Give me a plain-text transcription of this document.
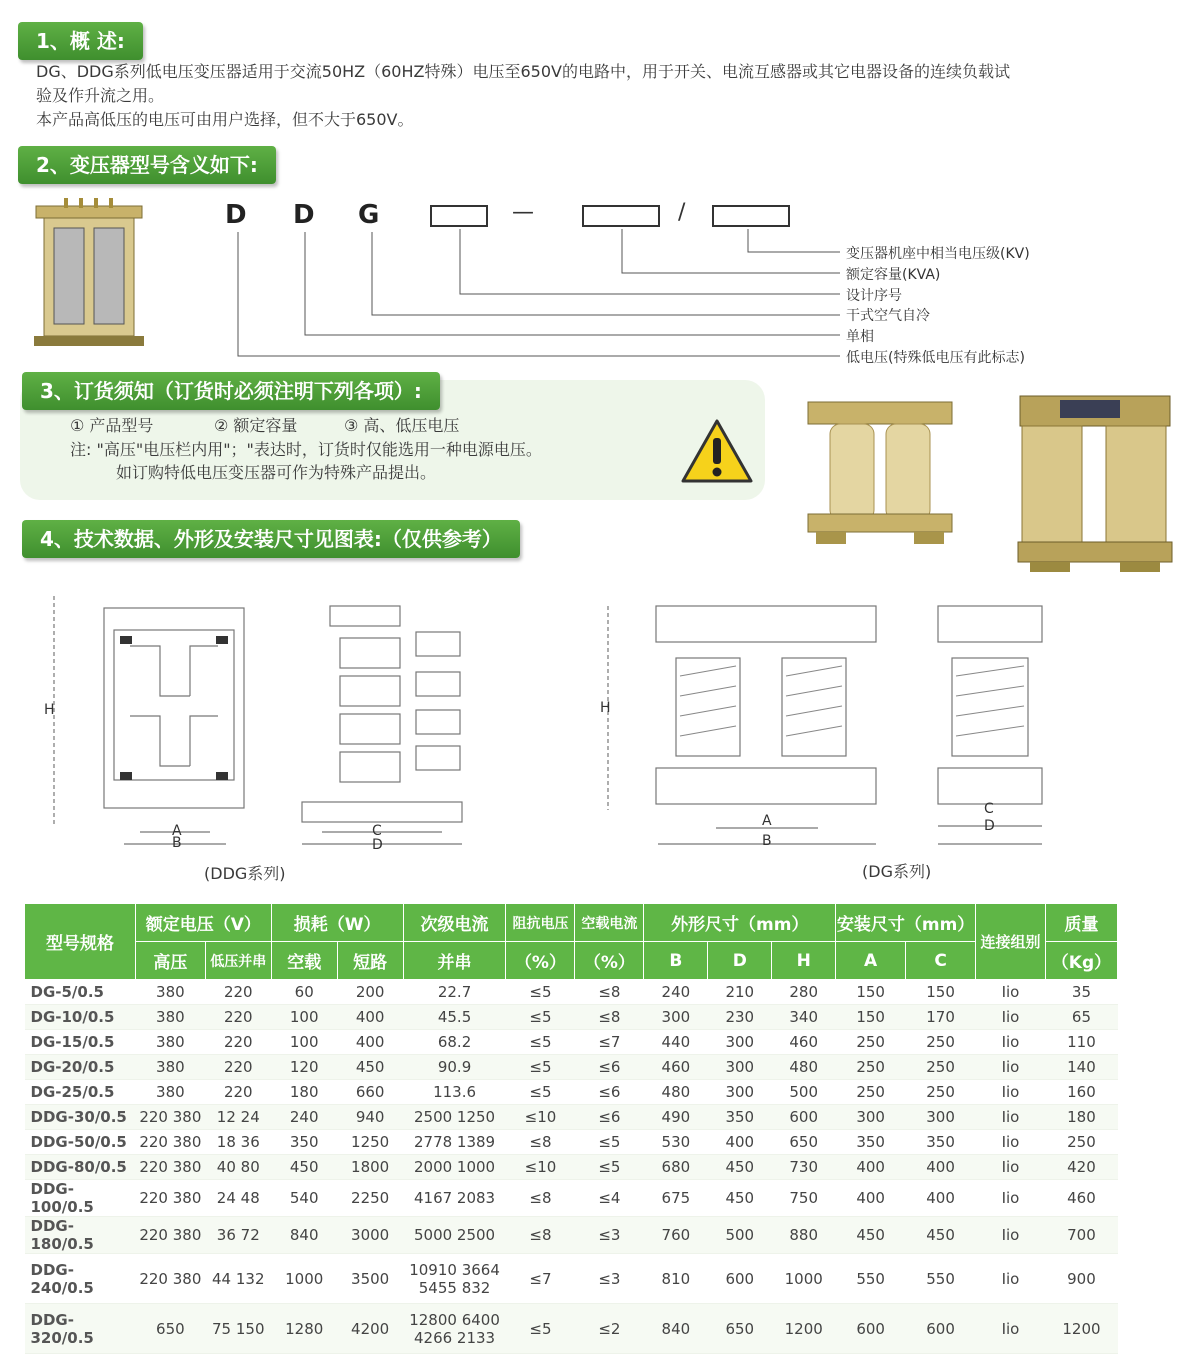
1、概 述:
DG、DDG系列低电压变压器适用于交流50HZ（60HZ特殊）电压至650V的电路中，用于开关、电流互感器或其它电器设备的连续负载试
验及作升流之用。
本产品高低压的电压可由用户选择，但不大于650V。
2、变压器型号含义如下:
D D G	—	/
变压器机座中相当电压级(KV)
额定容量(KVA)
设计序号
干式空气自冷
单相
低电压(特殊低电压有此标志)
3、订货须知（订货时必须注明下列各项）:
① 产品型号	② 额定容量	③ 高、低压电压
注: "高压"电压栏内用"；"表达时，订货时仅能选用一种电源电压。
如订购特低电压变压器可作为特殊产品提出。
4、技术数据、外形及安装尺寸见图表:（仅供参考）
H
A
B
C
D
(DDG系列)
H
A
B
C
D
(DG系列)
型号规格	额定电压（V）		损耗（W）		次级电流	阻抗电压	空载电流	外形尺寸（mm）			安装尺寸（mm）		连接组别	质量
	高压	低压并串	空载	短路	并串	（%）	（%）	B	D	H	A	C		（Kg）
DG-5/0.5	380	220	60	200	22.7	≤5	≤8	240	210	280	150	150	Iio	35
DG-10/0.5	380	220	100	400	45.5	≤5	≤8	300	230	340	150	170	Iio	65
DG-15/0.5	380	220	100	400	68.2	≤5	≤7	440	300	460	250	250	Iio	110
DG-20/0.5	380	220	120	450	90.9	≤5	≤6	460	300	480	250	250	Iio	140
DG-25/0.5	380	220	180	660	113.6	≤5	≤6	480	300	500	250	250	Iio	160
DDG-30/0.5	220 380	12 24	240	940	2500 1250	≤10	≤6	490	350	600	300	300	Iio	180
DDG-50/0.5	220 380	18 36	350	1250	2778 1389	≤8	≤5	530	400	650	350	350	Iio	250
DDG-80/0.5	220 380	40 80	450	1800	2000 1000	≤10	≤5	680	450	730	400	400	Iio	420
DDG-100/0.5	220 380	24 48	540	2250	4167 2083	≤8	≤4	675	450	750	400	400	Iio	460
DDG-180/0.5	220 380	36 72	840	3000	5000 2500	≤8	≤3	760	500	880	450	450	Iio	700
DDG-240/0.5	220 380	44 132	1000	3500	10910 3664
5455 832	≤7	≤3	810	600	1000	550	550	Iio	900
DDG-320/0.5	650	75 150	1280	4200	12800 6400
4266 2133	≤5	≤2	840	650	1200	600	600	Iio	1200
